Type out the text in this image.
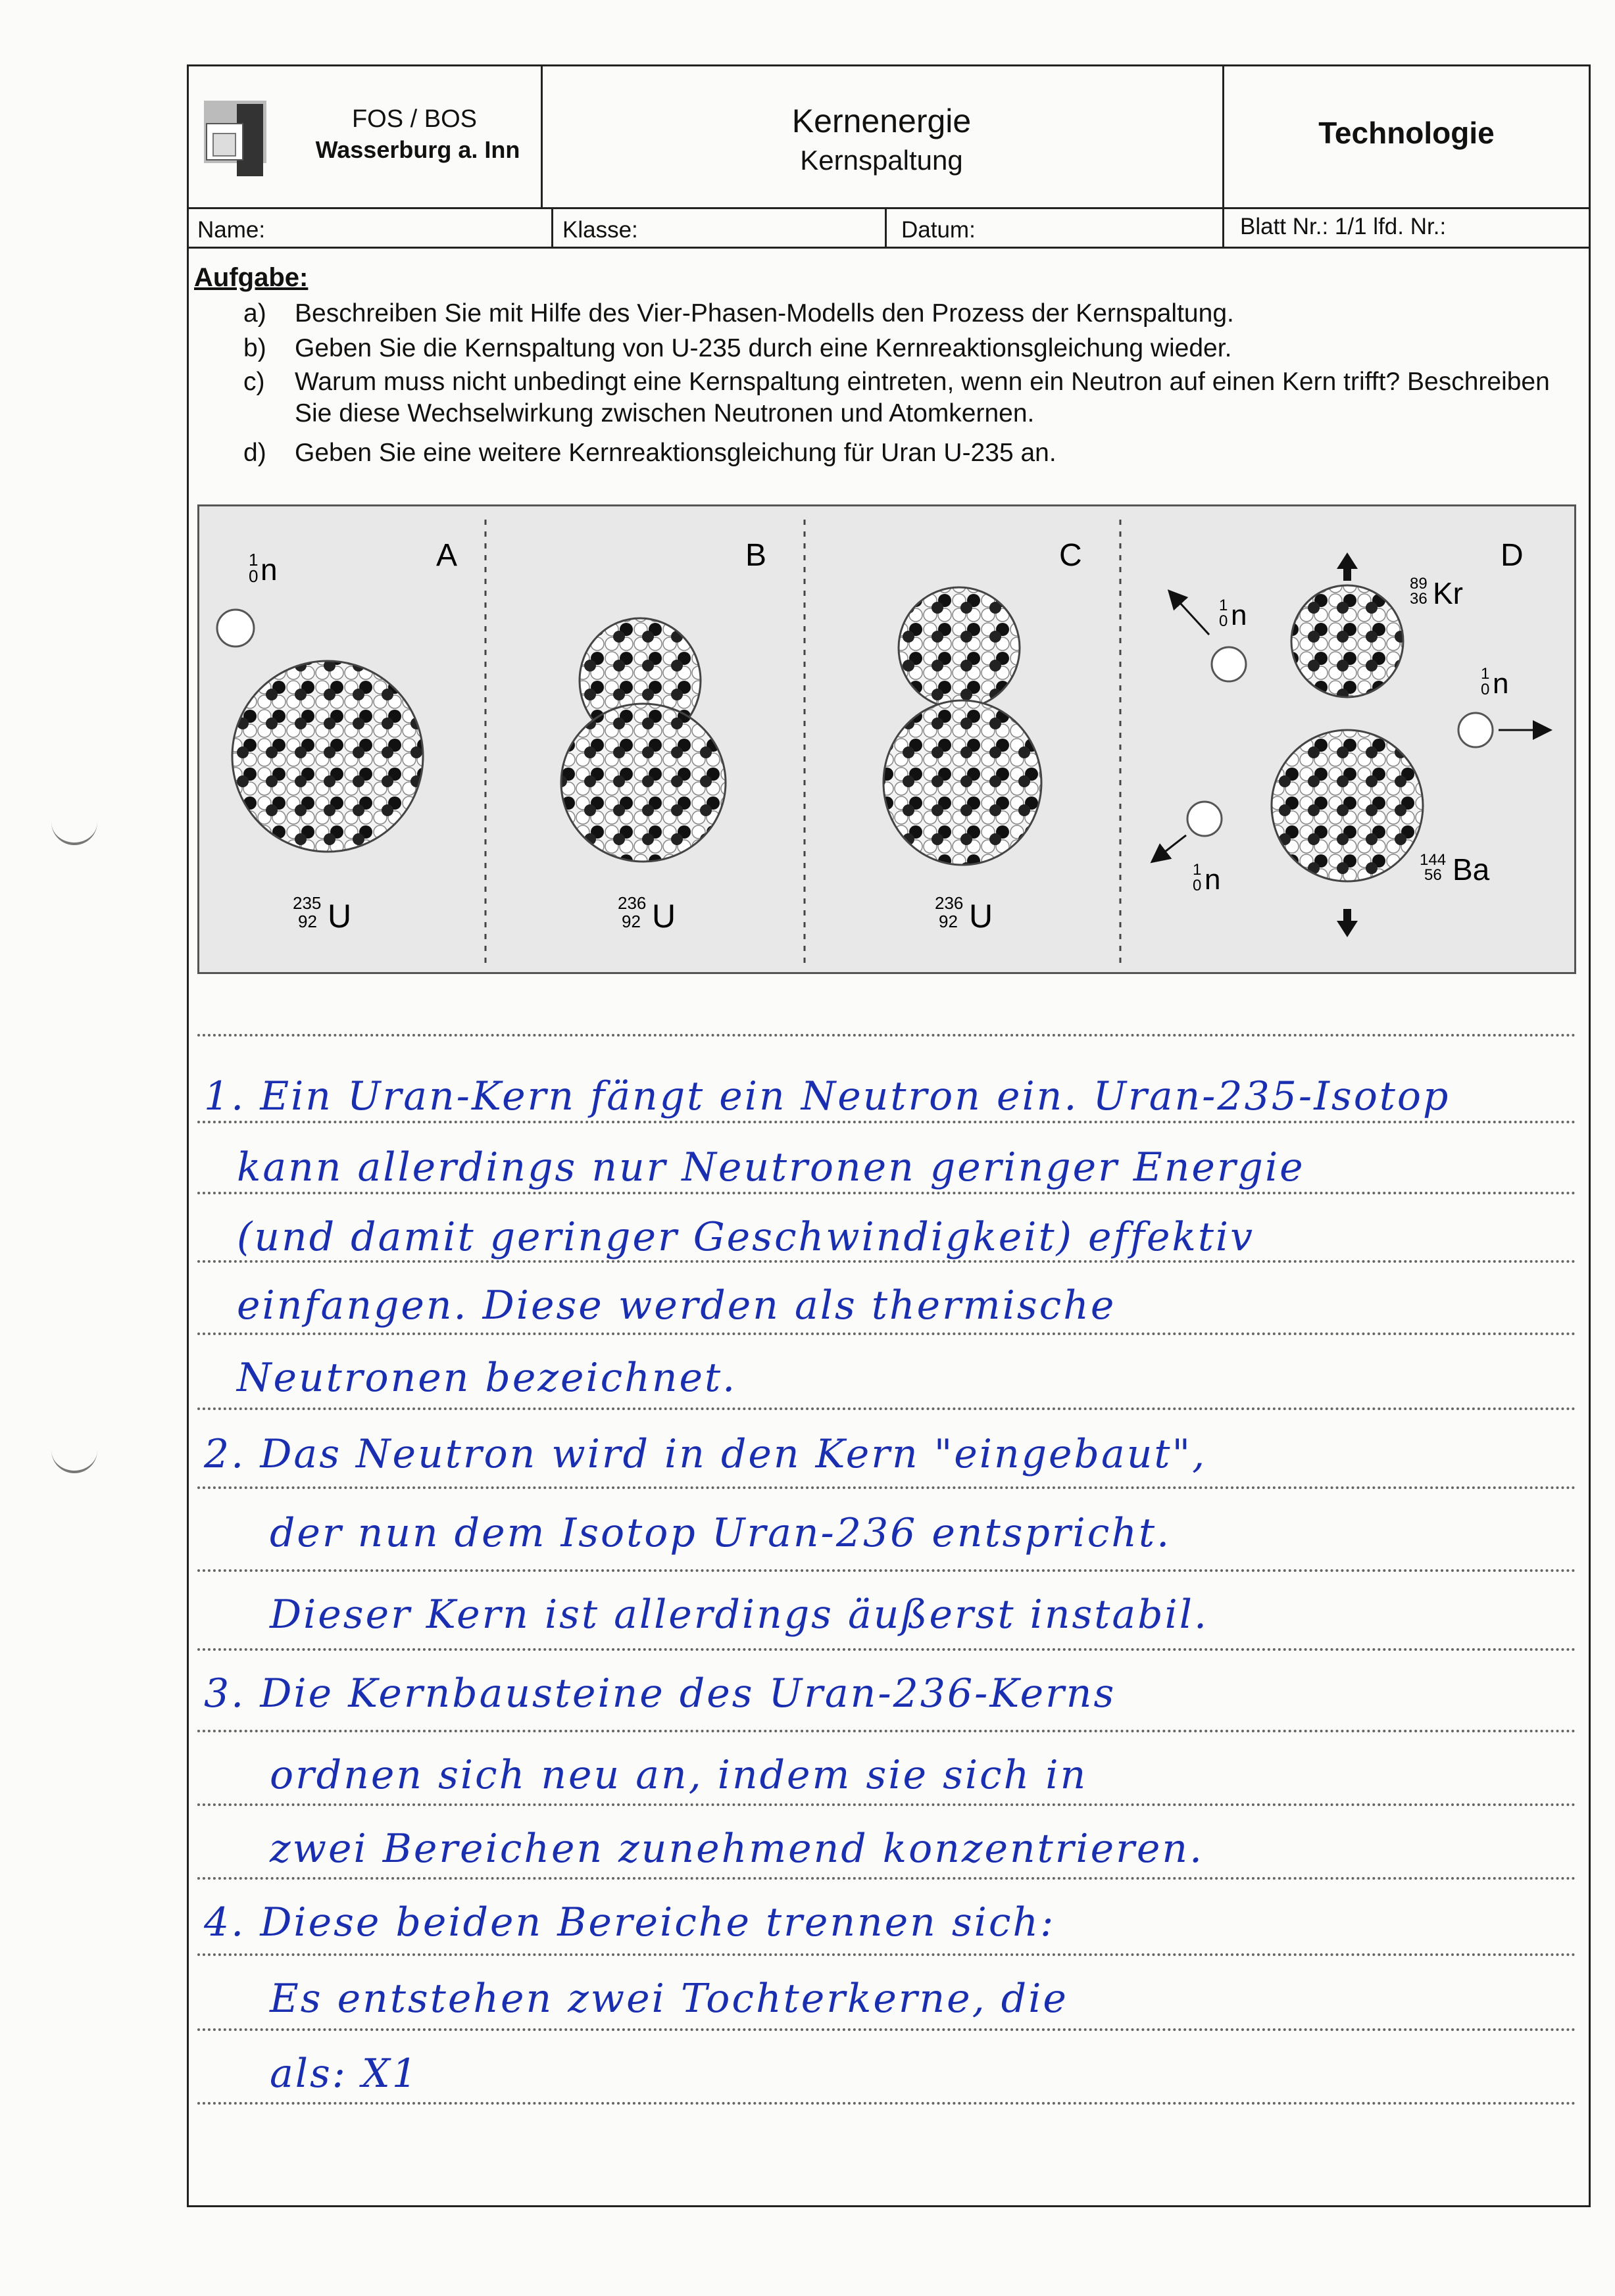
FOS / BOS
Wasserburg a. Inn
Kernenergie
Kernspaltung
Technologie
Name:	Klasse:	Datum:	Blatt Nr.: 1/1 lfd. Nr.:
Aufgabe:
a) Beschreiben Sie mit Hilfe des Vier-Phasen-Modells den Prozess der Kernspaltung.
b) Geben Sie die Kernspaltung von U-235 durch eine Kernreaktionsgleichung wieder.
c) Warum muss nicht unbedingt eine Kernspaltung eintreten, wenn ein Neutron auf einen Kern trifft? Beschreiben Sie diese Wechselwirkung zwischen Neutronen und Atomkernen.
d) Geben Sie eine weitere Kernreaktionsgleichung für Uran U-235 an.
A	B	C	D
1
0 n
235
92 U	236
92 U	236
92 U
89
36 Kr
144
56 Ba
1
0 n
1
0 n
1
0 n
1. Ein Uran-Kern fängt ein Neutron ein. Uran-235-Isotop
kann allerdings nur Neutronen geringer Energie
(und damit geringer Geschwindigkeit) effektiv
einfangen. Diese werden als thermische
Neutronen bezeichnet.
2. Das Neutron wird in den Kern "eingebaut",
der nun dem Isotop Uran-236 entspricht.
Dieser Kern ist allerdings äußerst instabil.
3. Die Kernbausteine des Uran-236-Kerns
ordnen sich neu an, indem sie sich in
zwei Bereichen zunehmend konzentrieren.
4. Diese beiden Bereiche trennen sich:
Es entstehen zwei Tochterkerne, die
als: X1
